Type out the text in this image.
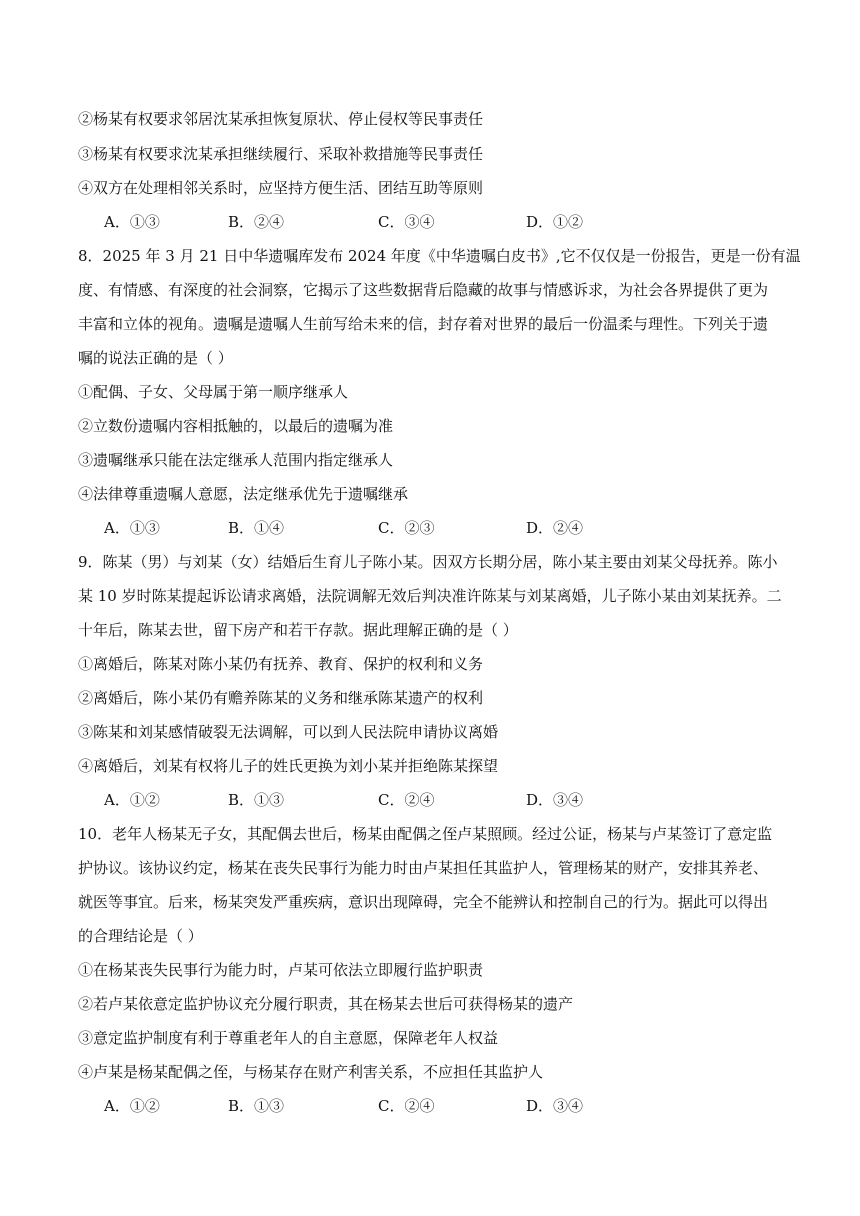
②杨某有权要求邻居沈某承担恢复原状、停止侵权等民事责任
③杨某有权要求沈某承担继续履行、采取补救措施等民事责任
④双方在处理相邻关系时，应坚持方便生活、团结互助等原则
A．①③	B．②④	C．③④	D．①②
8．2025 年 3 月 21 日中华遗嘱库发布 2024 年度《中华遗嘱白皮书》,它不仅仅是一份报告，更是一份有温
度、有情感、有深度的社会洞察，它揭示了这些数据背后隐藏的故事与情感诉求，为社会各界提供了更为
丰富和立体的视角。遗嘱是遗嘱人生前写给未来的信，封存着对世界的最后一份温柔与理性。下列关于遗
嘱的说法正确的是（ ）
①配偶、子女、父母属于第一顺序继承人
②立数份遗嘱内容相抵触的，以最后的遗嘱为准
③遗嘱继承只能在法定继承人范围内指定继承人
④法律尊重遗嘱人意愿，法定继承优先于遗嘱继承
A．①③	B．①④	C．②③	D．②④
9．陈某（男）与刘某（女）结婚后生育儿子陈小某。因双方长期分居，陈小某主要由刘某父母抚养。陈小
某 10 岁时陈某提起诉讼请求离婚，法院调解无效后判决准许陈某与刘某离婚，儿子陈小某由刘某抚养。二
十年后，陈某去世，留下房产和若干存款。据此理解正确的是（ ）
①离婚后，陈某对陈小某仍有抚养、教育、保护的权利和义务
②离婚后，陈小某仍有赡养陈某的义务和继承陈某遗产的权利
③陈某和刘某感情破裂无法调解，可以到人民法院申请协议离婚
④离婚后，刘某有权将儿子的姓氏更换为刘小某并拒绝陈某探望
A．①②	B．①③	C．②④	D．③④
10．老年人杨某无子女，其配偶去世后，杨某由配偶之侄卢某照顾。经过公证，杨某与卢某签订了意定监
护协议。该协议约定，杨某在丧失民事行为能力时由卢某担任其监护人，管理杨某的财产，安排其养老、
就医等事宜。后来，杨某突发严重疾病，意识出现障碍，完全不能辨认和控制自己的行为。据此可以得出
的合理结论是（ ）
①在杨某丧失民事行为能力时，卢某可依法立即履行监护职责
②若卢某依意定监护协议充分履行职责，其在杨某去世后可获得杨某的遗产
③意定监护制度有利于尊重老年人的自主意愿，保障老年人权益
④卢某是杨某配偶之侄，与杨某存在财产利害关系，不应担任其监护人
A．①②	B．①③	C．②④	D．③④
